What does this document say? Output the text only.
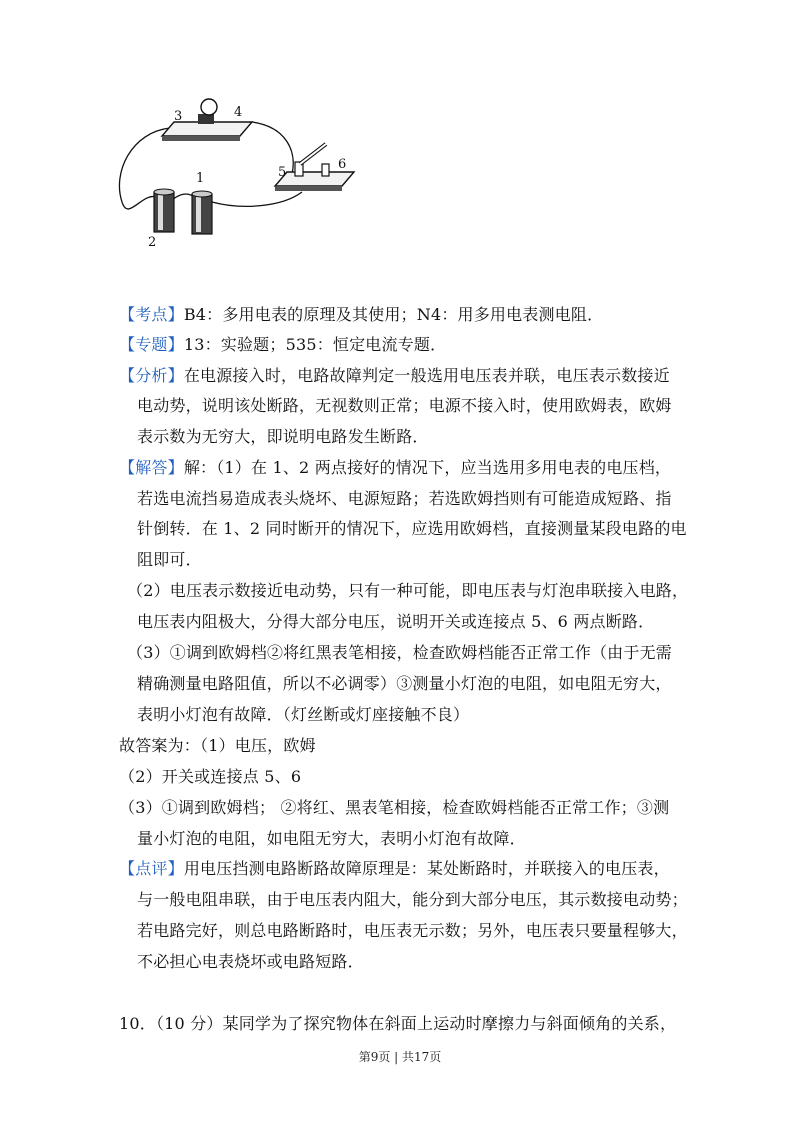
3	4
1
2
5
6
【考点】B4：多用电表的原理及其使用；N4：用多用电表测电阻．
【专题】13：实验题；535：恒定电流专题．
【分析】在电源接入时，电路故障判定一般选用电压表并联，电压表示数接近
电动势，说明该处断路，无视数则正常；电源不接入时，使用欧姆表，欧姆
表示数为无穷大，即说明电路发生断路．
【解答】解：（1）在 1、2 两点接好的情况下，应当选用多用电表的电压档，
若选电流挡易造成表头烧坏、电源短路；若选欧姆挡则有可能造成短路、指
针倒转．在 1、2 同时断开的情况下，应选用欧姆档，直接测量某段电路的电
阻即可．
（2）电压表示数接近电动势，只有一种可能，即电压表与灯泡串联接入电路，
电压表内阻极大，分得大部分电压，说明开关或连接点 5、6 两点断路．
（3）①调到欧姆档②将红黑表笔相接，检查欧姆档能否正常工作（由于无需
精确测量电路阻值，所以不必调零）③测量小灯泡的电阻，如电阻无穷大，
表明小灯泡有故障．（灯丝断或灯座接触不良）
故答案为：（1）电压，欧姆
（2）开关或连接点 5、6
（3）①调到欧姆档； ②将红、黑表笔相接，检查欧姆档能否正常工作；③测
量小灯泡的电阻，如电阻无穷大，表明小灯泡有故障．
【点评】用电压挡测电路断路故障原理是：某处断路时，并联接入的电压表，
与一般电阻串联，由于电压表内阻大，能分到大部分电压，其示数接电动势；
若电路完好，则总电路断路时，电压表无示数；另外，电压表只要量程够大，
不必担心电表烧坏或电路短路．
10．（10 分）某同学为了探究物体在斜面上运动时摩擦力与斜面倾角的关系，
第9页 | 共17页
